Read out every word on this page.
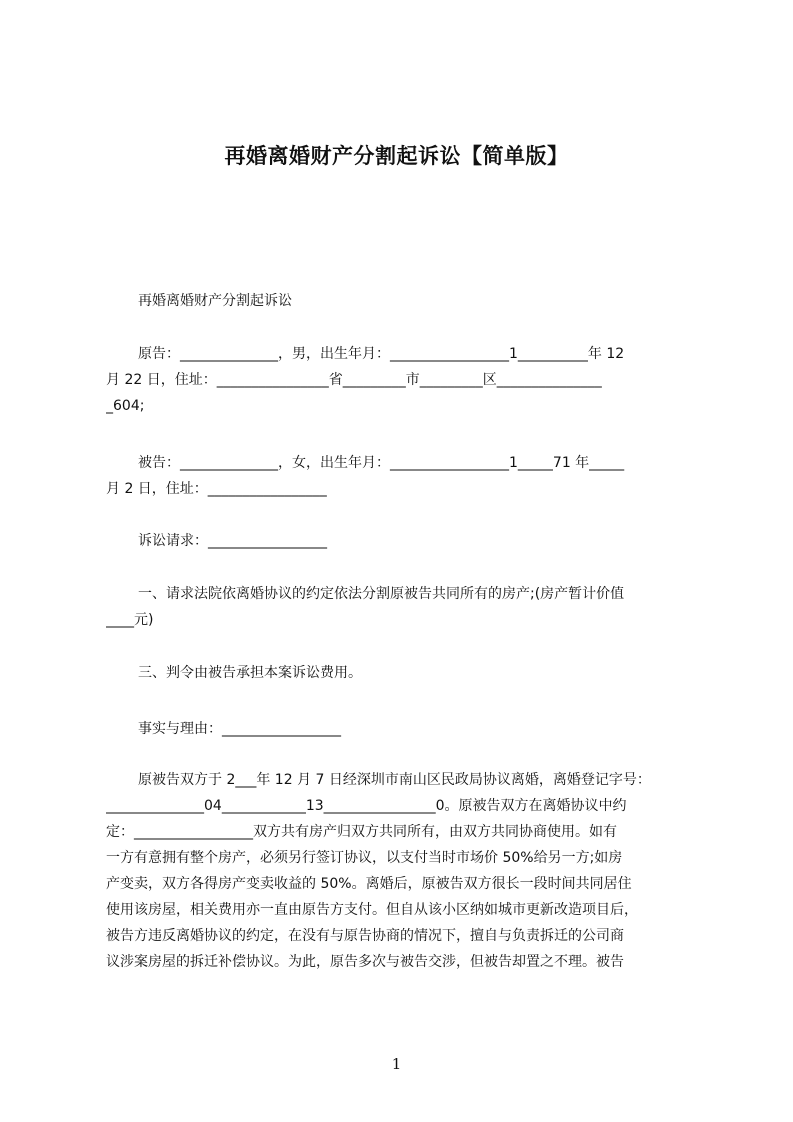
再婚离婚财产分割起诉讼【简单版】
再婚离婚财产分割起诉讼
原告：______________，男，出生年月：_________________1__________年 12
月 22 日，住址：________________省_________市_________区_______________
_604;
被告：______________，女，出生年月：_________________1_____71 年_____
月 2 日，住址：_________________
诉讼请求：_________________
一、请求法院依离婚协议的约定依法分割原被告共同所有的房产;(房产暂计价值
____元)
三、判令由被告承担本案诉讼费用。
事实与理由：_________________
原被告双方于 2___年 12 月 7 日经深圳市南山区民政局协议离婚，离婚登记字号：
______________04____________13________________0。原被告双方在离婚协议中约
定：_________________双方共有房产归双方共同所有，由双方共同协商使用。如有
一方有意拥有整个房产，必须另行签订协议，以支付当时市场价 50%给另一方;如房
产变卖，双方各得房产变卖收益的 50%。离婚后，原被告双方很长一段时间共同居住
使用该房屋，相关费用亦一直由原告方支付。但自从该小区纳如城市更新改造项目后，
被告方违反离婚协议的约定，在没有与原告协商的情况下，擅自与负责拆迁的公司商
议涉案房屋的拆迁补偿协议。为此，原告多次与被告交涉，但被告却置之不理。被告
1
